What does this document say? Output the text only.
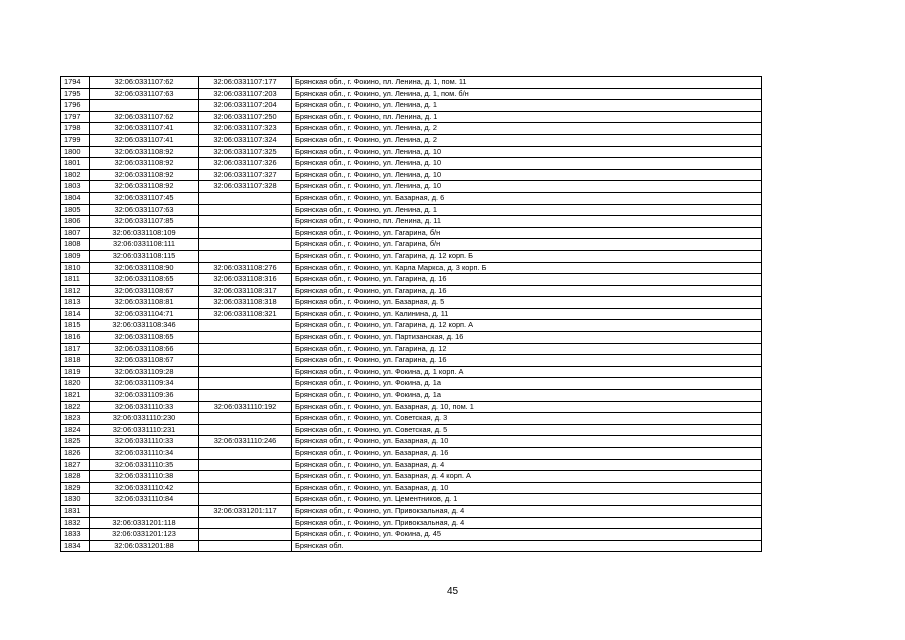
1794	32:06:0331107:62	32:06:0331107:177	Брянская обл., г. Фокино, пл. Ленина, д. 1, пом. 11
1795	32:06:0331107:63	32:06:0331107:203	Брянская обл., г. Фокино, ул. Ленина, д. 1, пом. б/н
1796		32:06:0331107:204	Брянская обл., г. Фокино, ул. Ленина, д. 1
1797	32:06:0331107:62	32:06:0331107:250	Брянская обл., г. Фокино, пл. Ленина, д. 1
1798	32:06:0331107:41	32:06:0331107:323	Брянская обл., г. Фокино, ул. Ленина, д. 2
1799	32:06:0331107:41	32:06:0331107:324	Брянская обл., г. Фокино, ул. Ленина, д. 2
1800	32:06:0331108:92	32:06:0331107:325	Брянская обл., г. Фокино, ул. Ленина, д. 10
1801	32:06:0331108:92	32:06:0331107:326	Брянская обл., г. Фокино, ул. Ленина, д. 10
1802	32:06:0331108:92	32:06:0331107:327	Брянская обл., г. Фокино, ул. Ленина, д. 10
1803	32:06:0331108:92	32:06:0331107:328	Брянская обл., г. Фокино, ул. Ленина, д. 10
1804	32:06:0331107:45		Брянская обл., г. Фокино, ул. Базарная, д. 6
1805	32:06:0331107:63		Брянская обл., г. Фокино, ул. Ленина, д. 1
1806	32:06:0331107:85		Брянская обл., г. Фокино, пл. Ленина, д. 11
1807	32:06:0331108:109		Брянская обл., г. Фокино, ул. Гагарина, б/н
1808	32:06:0331108:111		Брянская обл., г. Фокино, ул. Гагарина, б/н
1809	32:06:0331108:115		Брянская обл., г. Фокино, ул. Гагарина, д. 12 корп. Б
1810	32:06:0331108:90	32:06:0331108:276	Брянская обл., г. Фокино, ул. Карла Маркса, д. 3 корп. Б
1811	32:06:0331108:65	32:06:0331108:316	Брянская обл., г. Фокино, ул. Гагарина, д. 16
1812	32:06:0331108:67	32:06:0331108:317	Брянская обл., г. Фокино, ул. Гагарина, д. 16
1813	32:06:0331108:81	32:06:0331108:318	Брянская обл., г. Фокино, ул. Базарная, д. 5
1814	32:06:0331104:71	32:06:0331108:321	Брянская обл., г. Фокино, ул. Калинина, д. 11
1815	32:06:0331108:346		Брянская обл., г. Фокино, ул. Гагарина, д. 12 корп. А
1816	32:06:0331108:65		Брянская обл., г. Фокино, ул. Партизанская, д. 16
1817	32:06:0331108:66		Брянская обл., г. Фокино, ул. Гагарина, д. 12
1818	32:06:0331108:67		Брянская обл., г. Фокино, ул. Гагарина, д. 16
1819	32:06:0331109:28		Брянская обл., г. Фокино, ул. Фокина, д. 1 корп. А
1820	32:06:0331109:34		Брянская обл., г. Фокино, ул. Фокина, д. 1а
1821	32:06:0331109:36		Брянская обл., г. Фокино, ул. Фокина, д. 1а
1822	32:06:0331110:33	32:06:0331110:192	Брянская обл., г. Фокино, ул. Базарная, д. 10, пом. 1
1823	32:06:0331110:230		Брянская обл., г. Фокино, ул. Советская, д. 3
1824	32:06:0331110:231		Брянская обл., г. Фокино, ул. Советская, д. 5
1825	32:06:0331110:33	32:06:0331110:246	Брянская обл., г. Фокино, ул. Базарная, д. 10
1826	32:06:0331110:34		Брянская обл., г. Фокино, ул. Базарная, д. 16
1827	32:06:0331110:35		Брянская обл., г. Фокино, ул. Базарная, д. 4
1828	32:06:0331110:38		Брянская обл., г. Фокино, ул. Базарная, д. 4 корп. А
1829	32:06:0331110:42		Брянская обл., г. Фокино, ул. Базарная, д. 10
1830	32:06:0331110:84		Брянская обл., г. Фокино, ул. Цементников, д. 1
1831		32:06:0331201:117	Брянская обл., г. Фокино, ул. Привокзальная, д. 4
1832	32:06:0331201:118		Брянская обл., г. Фокино, ул. Привокзальная, д. 4
1833	32:06:0331201:123		Брянская обл., г. Фокино, ул. Фокина, д. 45
1834	32:06:0331201:88		Брянская обл.
45
